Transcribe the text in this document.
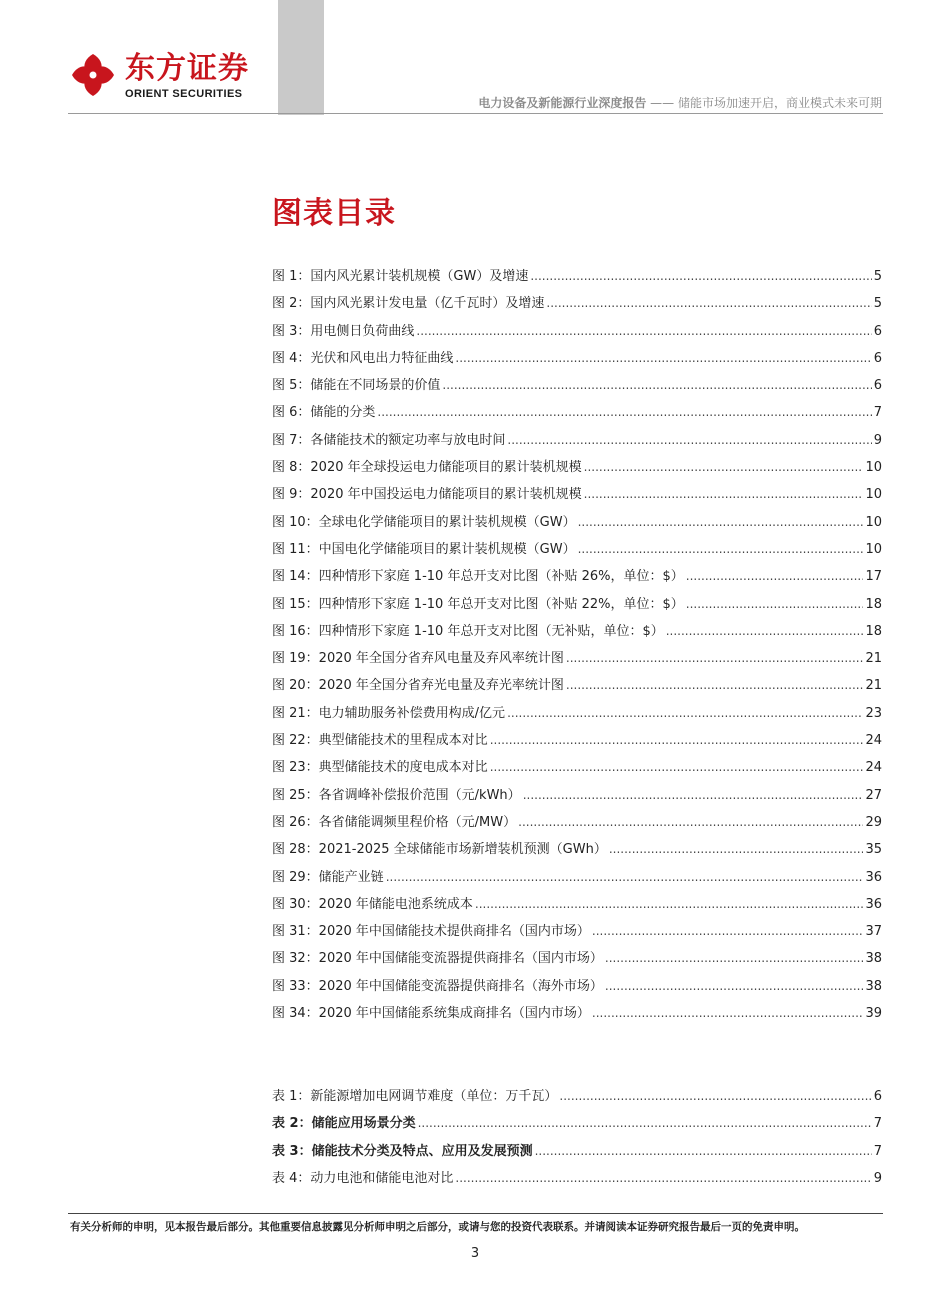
东方证券
ORIENT SECURITIES
电力设备及新能源行业深度报告 —— 储能市场加速开启，商业模式未来可期
图表目录
图 1：国内风光累计装机规模（GW）及增速 .....	5
图 2：国内风光累计发电量（亿千瓦时）及增速 .....	5
图 3：用电侧日负荷曲线 .....	6
图 4：光伏和风电出力特征曲线 .....	6
图 5：储能在不同场景的价值 .....	6
图 6：储能的分类 .....	7
图 7：各储能技术的额定功率与放电时间 .....	9
图 8：2020 年全球投运电力储能项目的累计装机规模 .....	10
图 9：2020 年中国投运电力储能项目的累计装机规模 .....	10
图 10：全球电化学储能项目的累计装机规模（GW） .....	10
图 11：中国电化学储能项目的累计装机规模（GW） .....	10
图 14：四种情形下家庭 1-10 年总开支对比图（补贴 26%，单位：$） .....	17
图 15：四种情形下家庭 1-10 年总开支对比图（补贴 22%，单位：$） .....	18
图 16：四种情形下家庭 1-10 年总开支对比图（无补贴，单位：$） .....	18
图 19：2020 年全国分省弃风电量及弃风率统计图 .....	21
图 20：2020 年全国分省弃光电量及弃光率统计图 .....	21
图 21：电力辅助服务补偿费用构成/亿元 .....	23
图 22：典型储能技术的里程成本对比 .....	24
图 23：典型储能技术的度电成本对比 .....	24
图 25：各省调峰补偿报价范围（元/kWh） .....	27
图 26：各省储能调频里程价格（元/MW） .....	29
图 28：2021-2025 全球储能市场新增装机预测（GWh） .....	35
图 29：储能产业链 .....	36
图 30：2020 年储能电池系统成本 .....	36
图 31：2020 年中国储能技术提供商排名（国内市场） .....	37
图 32：2020 年中国储能变流器提供商排名（国内市场） .....	38
图 33：2020 年中国储能变流器提供商排名（海外市场） .....	38
图 34：2020 年中国储能系统集成商排名（国内市场） .....	39
表 1：新能源增加电网调节难度（单位：万千瓦） .....	6
表 2：储能应用场景分类 .....	7
表 3：储能技术分类及特点、应用及发展预测 .....	7
表 4：动力电池和储能电池对比 .....	9
有关分析师的申明，见本报告最后部分。其他重要信息披露见分析师申明之后部分，或请与您的投资代表联系。并请阅读本证券研究报告最后一页的免责申明。
3
